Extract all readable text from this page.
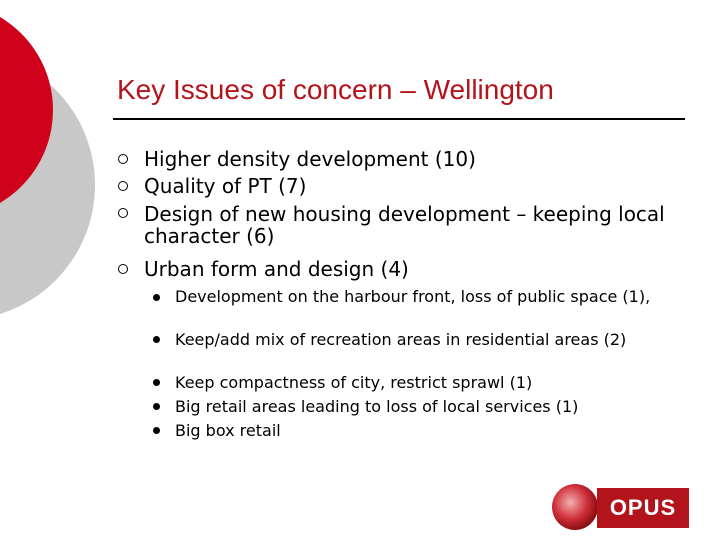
Key Issues of concern – Wellington
Higher density development (10)
Quality of PT (7)
Design of new housing development – keeping local character (6)
Urban form and design (4)
Development on the harbour front, loss of public space (1),
Keep/add mix of recreation areas in residential areas (2)
Keep compactness of city, restrict sprawl (1)
Big retail areas leading to loss of local services (1)
Big box retail
OPUS
